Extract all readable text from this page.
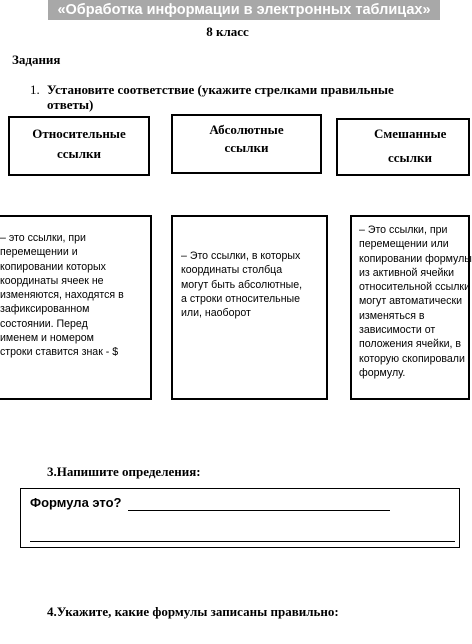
«Обработка информации в электронных таблицах»
8 класс
Задания
1. Установите соответствие (укажите стрелками правильные
ответы)
Относительные
ссылки
Абсолютные
ссылки
Смешанные
ссылки
– это ссылки, при
перемещении и
копировании которых
координаты ячеек не
изменяются, находятся в
зафиксированном
состоянии. Перед
именем и номером
строки ставится знак - $
– Это ссылки, в которых
координаты столбца
могут быть абсолютные,
а строки относительные
или, наоборот
– Это ссылки, при
перемещении или
копировании формулы
из активной ячейки
относительной ссылки
могут автоматически
изменяться в
зависимости от
положения ячейки, в
которую скопировали
формулу.
3.Напишите определения:
Формула это?
4.Укажите, какие формулы записаны правильно:
